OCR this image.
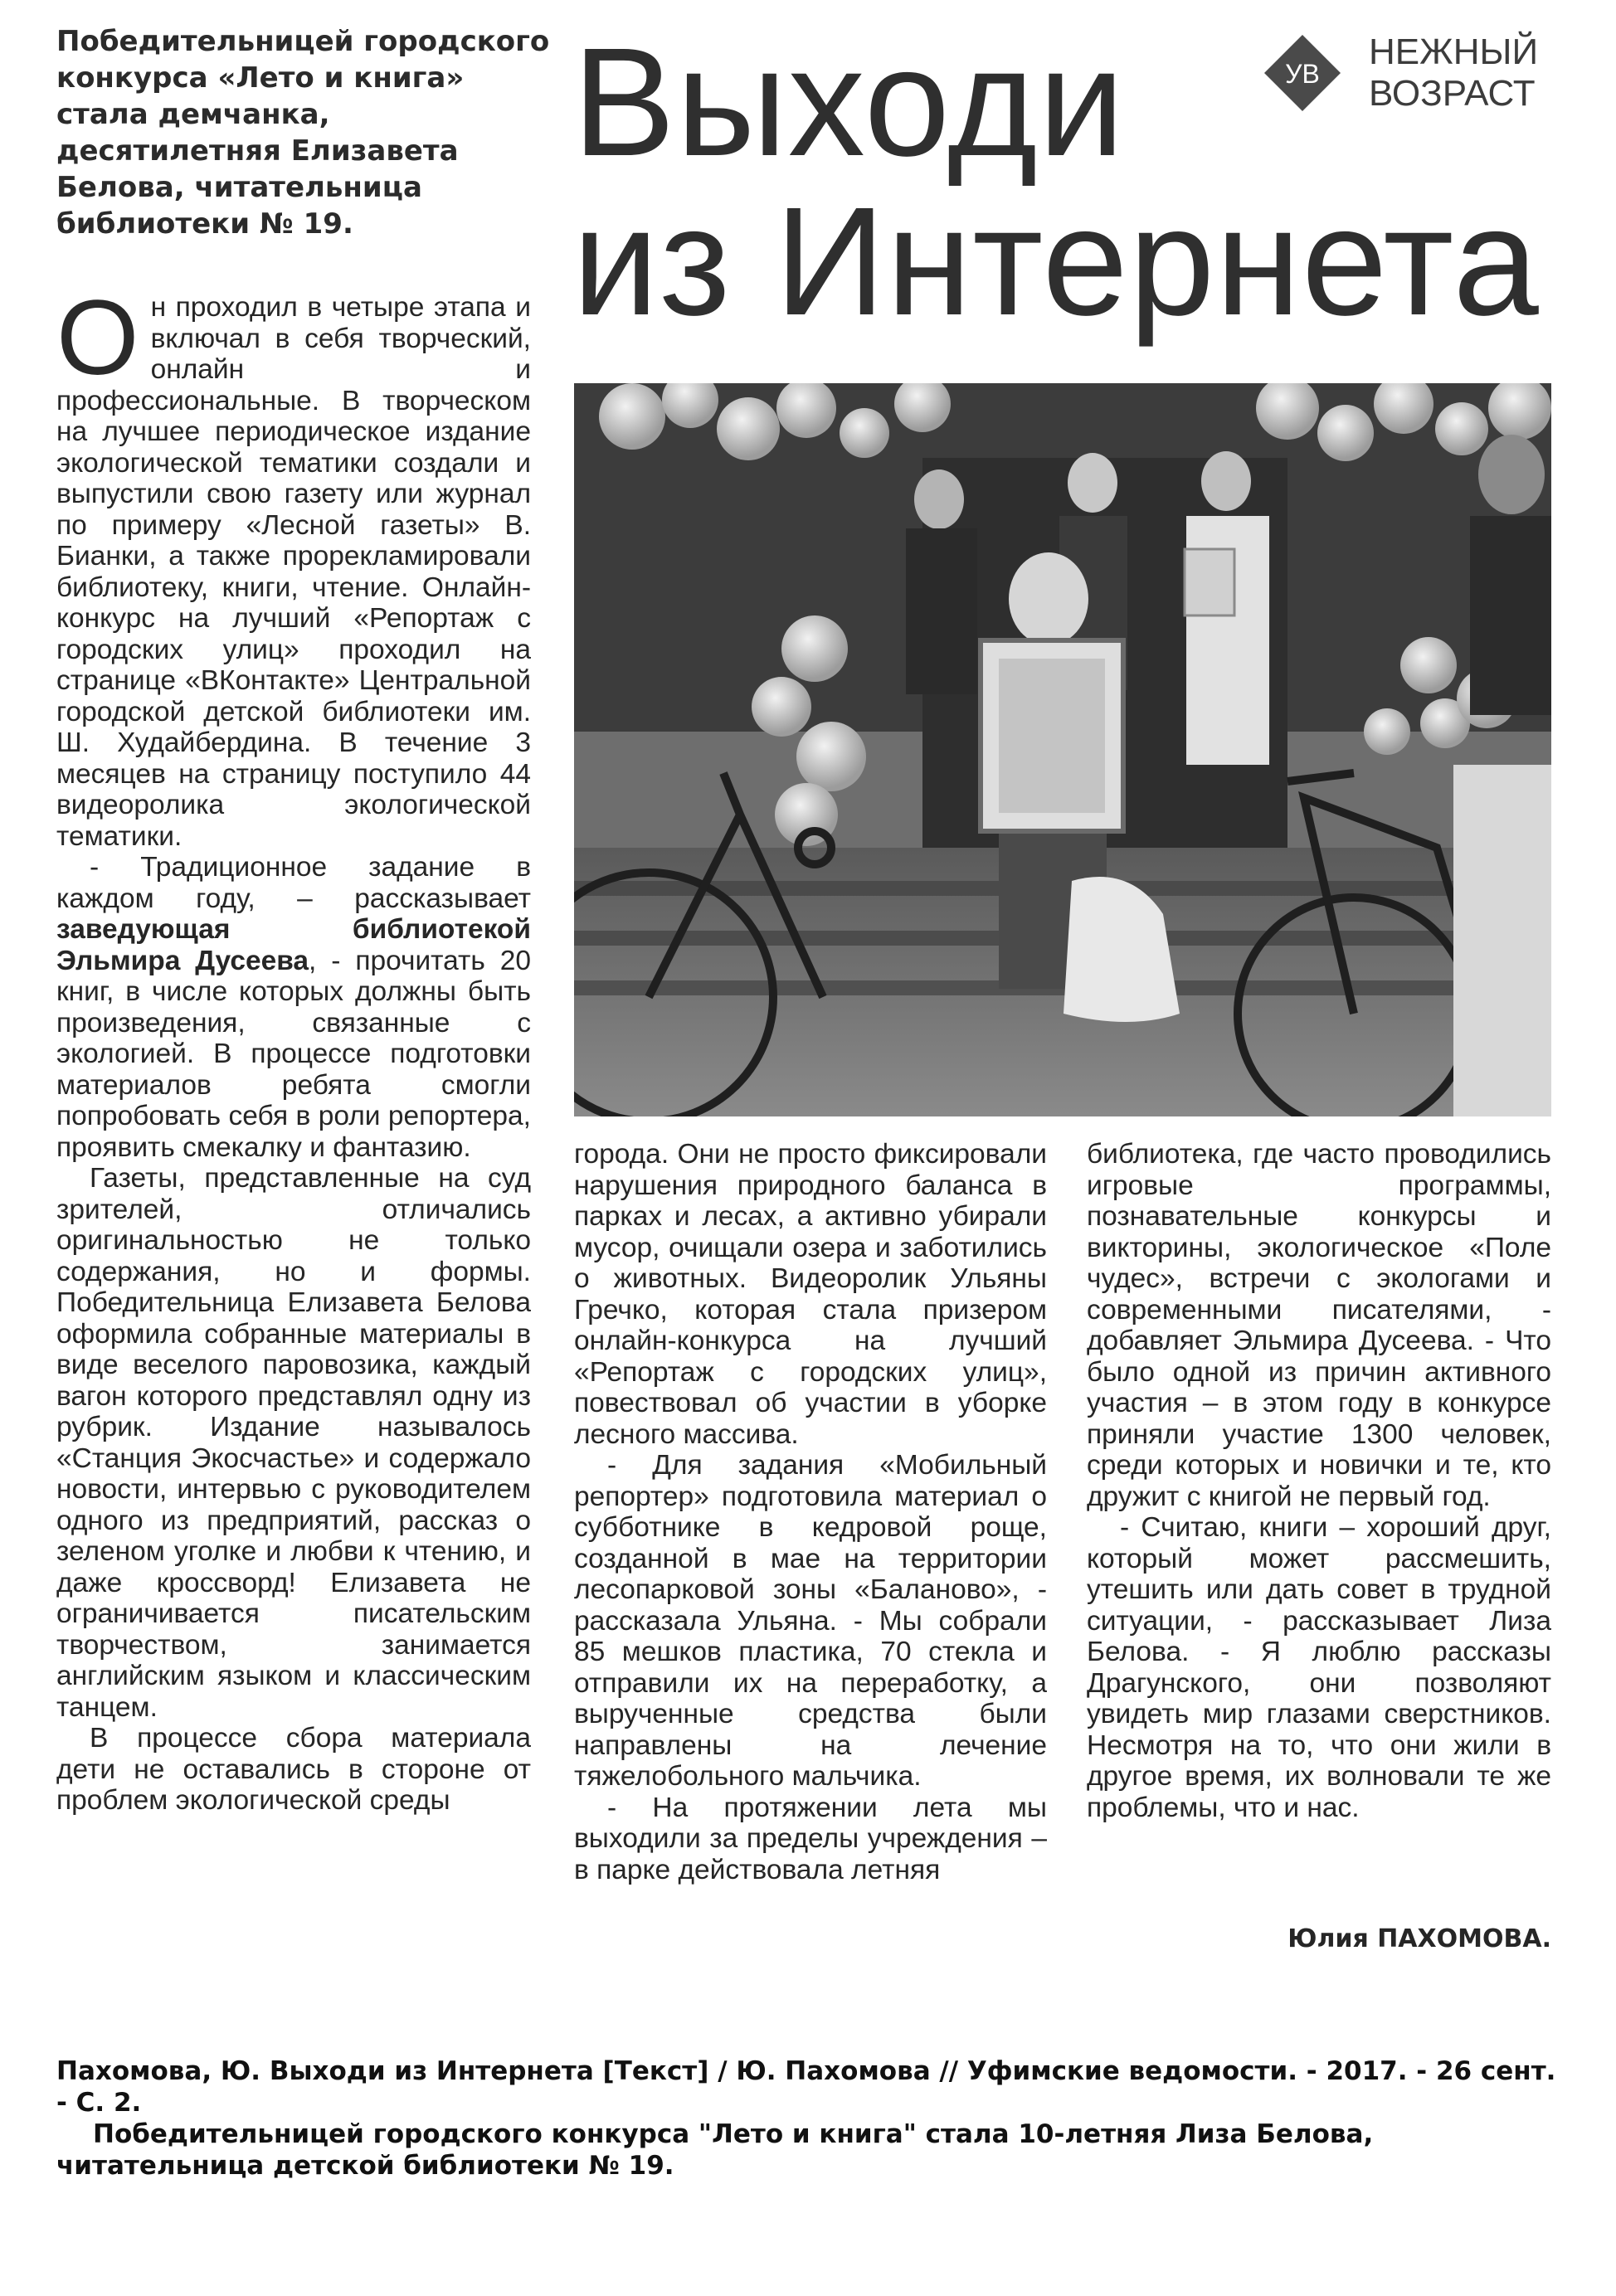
Победительницей городского конкурса «Лето и книга» стала демчанка, десятилетняя Елизавета Белова, читательница библиотеки № 19.

Выходи
из Интернета
УВ
НЕЖНЫЙ
ВОЗРАСТ

Он проходил в четыре этапа и включал в себя творческий, онлайн и профессиональные. В творческом на лучшее периодическое издание экологической тематики создали и выпустили свою газету или журнал по примеру «Лесной газеты» В. Бианки, а также прорекламировали библиотеку, книги, чтение. Онлайн-конкурс на лучший «Репортаж с городских улиц» проходил на странице «ВКонтакте» Центральной городской детской библиотеки им. Ш. Худайбердина. В течение 3 месяцев на страницу поступило 44 видеоролика экологической тематики.

- Традиционное задание в каждом году, – рассказывает заведующая библиотекой Эльмира Дусеева, - прочитать 20 книг, в числе которых должны быть произведения, связанные с экологией. В процессе подготовки материалов ребята смогли попробовать себя в роли репортера, проявить смекалку и фантазию.

Газеты, представленные на суд зрителей, отличались оригинальностью не только содержания, но и формы. Победительница Елизавета Белова оформила собранные материалы в виде веселого паровозика, каждый вагон которого представлял одну из рубрик. Издание называлось «Станция Экосчастье» и содержало новости, интервью с руководителем одного из предприятий, рассказ о зеленом уголке и любви к чтению, и даже кроссворд! Елизавета не ограничивается писательским творчеством, занимается английским языком и классическим танцем.

В процессе сбора материала дети не оставались в стороне от проблем экологической среды

города. Они не просто фиксировали нарушения природного баланса в парках и лесах, а активно убирали мусор, очищали озера и заботились о животных. Видеоролик Ульяны Гречко, которая стала призером онлайн-конкурса на лучший «Репортаж с городских улиц», повествовал об участии в уборке лесного массива.

- Для задания «Мобильный репортер» подготовила материал о субботнике в кедровой роще, созданной в мае на территории лесопарковой зоны «Баланово», - рассказала Ульяна. - Мы собрали 85 мешков пластика, 70 стекла и отправили их на переработку, а вырученные средства были направлены на лечение тяжелобольного мальчика.

- На протяжении лета мы выходили за пределы учреждения – в парке действовала летняя

библиотека, где часто проводились игровые программы, познавательные конкурсы и викторины, экологическое «Поле чудес», встречи с экологами и современными писателями, - добавляет Эльмира Дусеева. - Что было одной из причин активного участия – в этом году в конкурсе приняли участие 1300 человек, среди которых и новички и те, кто дружит с книгой не первый год.

- Считаю, книги – хороший друг, который может рассмешить, утешить или дать совет в трудной ситуации, - рассказывает Лиза Белова. - Я люблю рассказы Драгунского, они позволяют увидеть мир глазами сверстников. Несмотря на то, что они жили в другое время, их волновали те же проблемы, что и нас.

Юлия ПАХОМОВА.

Пахомова, Ю. Выходи из Интернета [Текст] / Ю. Пахомова // Уфимские ведомости. - 2017. - 26 сент. - С. 2.

Победительницей городского конкурса "Лето и книга" стала 10-летняя Лиза Белова, читательница детской библиотеки № 19.
